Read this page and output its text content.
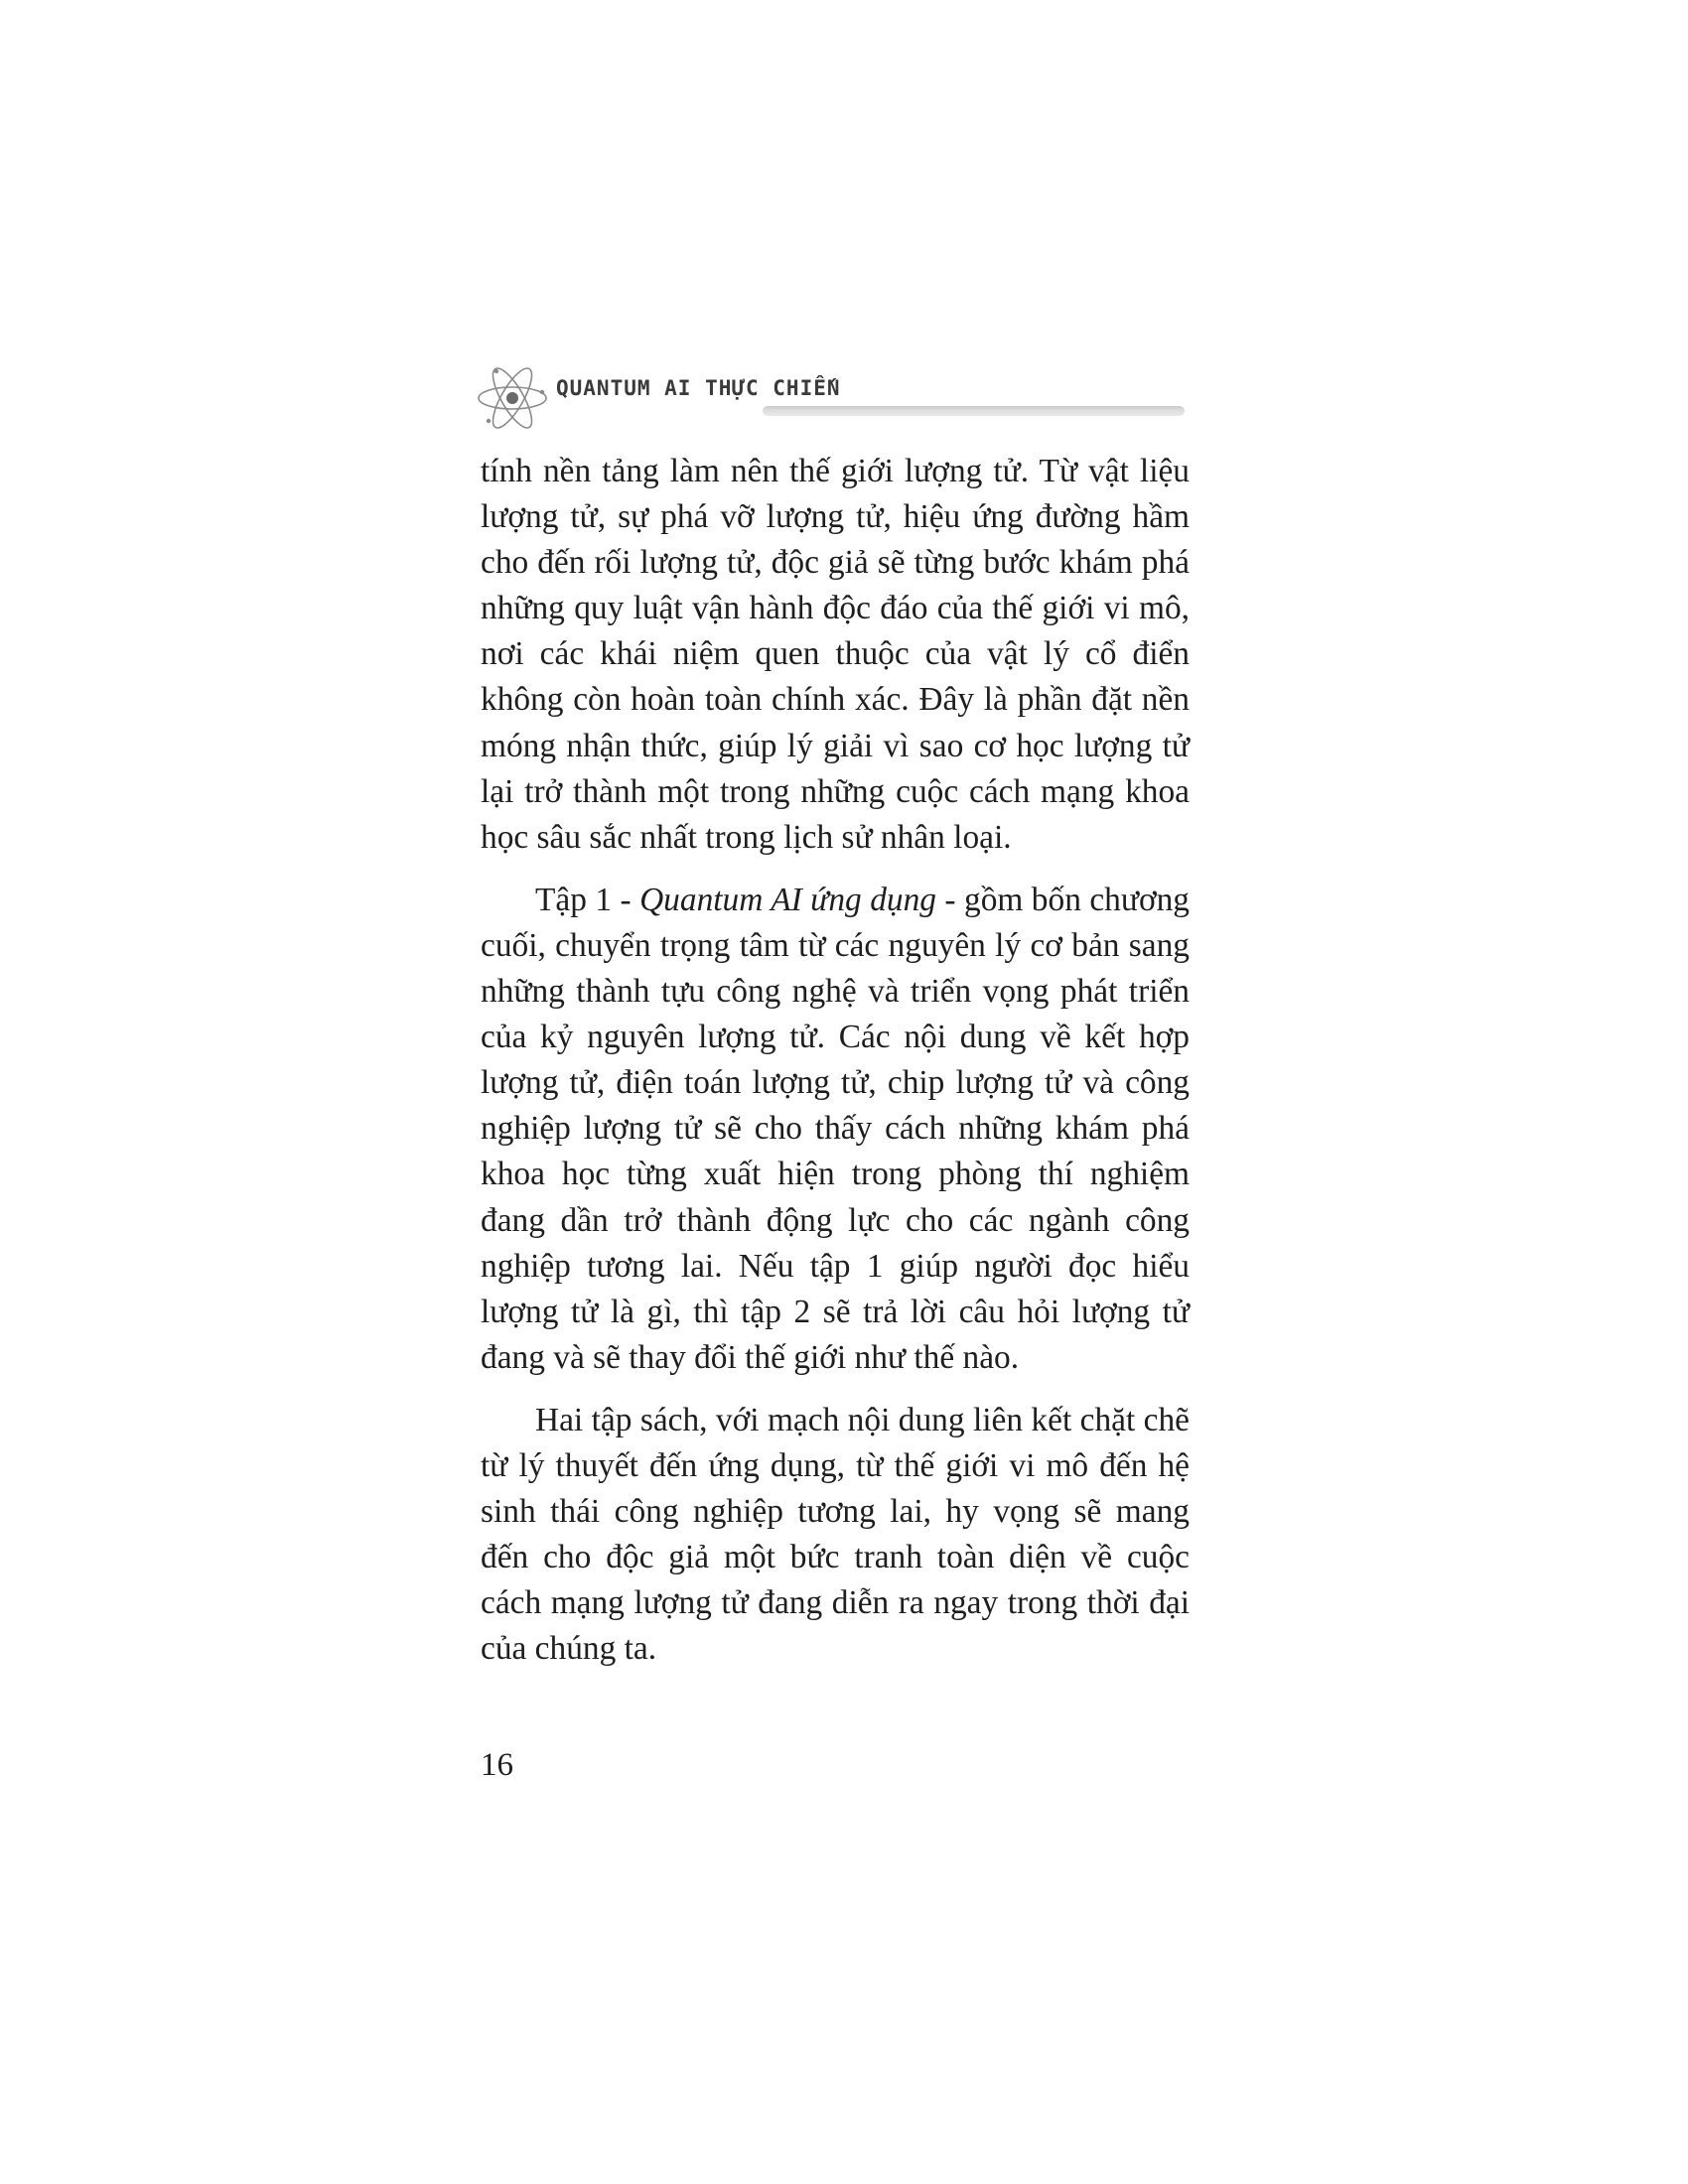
QUANTUM AI THỰC CHIẾN

tính nền tảng làm nên thế giới lượng tử. Từ vật liệu lượng tử, sự phá vỡ lượng tử, hiệu ứng đường hầm cho đến rối lượng tử, độc giả sẽ từng bước khám phá những quy luật vận hành độc đáo của thế giới vi mô, nơi các khái niệm quen thuộc của vật lý cổ điển không còn hoàn toàn chính xác. Đây là phần đặt nền móng nhận thức, giúp lý giải vì sao cơ học lượng tử lại trở thành một trong những cuộc cách mạng khoa học sâu sắc nhất trong lịch sử nhân loại.

Tập 1 - Quantum AI ứng dụng - gồm bốn chương cuối, chuyển trọng tâm từ các nguyên lý cơ bản sang những thành tựu công nghệ và triển vọng phát triển của kỷ nguyên lượng tử. Các nội dung về kết hợp lượng tử, điện toán lượng tử, chip lượng tử và công nghiệp lượng tử sẽ cho thấy cách những khám phá khoa học từng xuất hiện trong phòng thí nghiệm đang dần trở thành động lực cho các ngành công nghiệp tương lai. Nếu tập 1 giúp người đọc hiểu lượng tử là gì, thì tập 2 sẽ trả lời câu hỏi lượng tử đang và sẽ thay đổi thế giới như thế nào.

Hai tập sách, với mạch nội dung liên kết chặt chẽ từ lý thuyết đến ứng dụng, từ thế giới vi mô đến hệ sinh thái công nghiệp tương lai, hy vọng sẽ mang đến cho độc giả một bức tranh toàn diện về cuộc cách mạng lượng tử đang diễn ra ngay trong thời đại của chúng ta.

16
